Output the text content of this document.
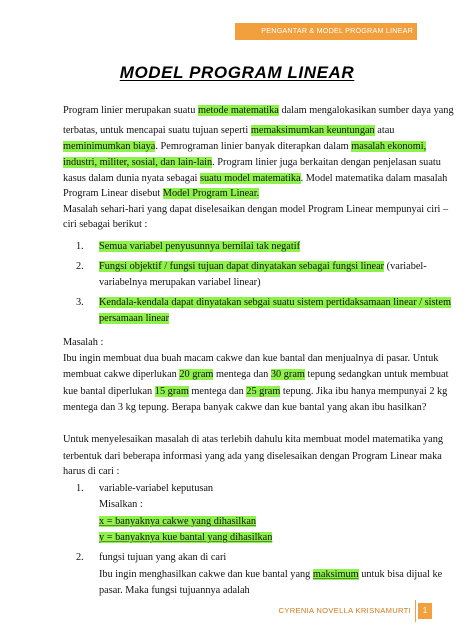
PENGANTAR & MODEL PROGRAM LINEAR
MODEL PROGRAM LINEAR
Program linier merupakan suatu metode matematika dalam mengalokasikan sumber daya yang
terbatas, untuk mencapai suatu tujuan seperti memaksimumkan keuntungan atau
meminimumkan biaya. Pemrograman linier banyak diterapkan dalam masalah ekonomi,
industri, militer, sosial, dan lain-lain. Program linier juga berkaitan dengan penjelasan suatu
kasus dalam dunia nyata sebagai suatu model matematika. Model matematika dalam masalah
Program Linear disebut Model Program Linear.
Masalah sehari-hari yang dapat diselesaikan dengan model Program Linear mempunyai ciri –
ciri sebagai berikut :
1. Semua variabel penyusunnya bernilai tak negatif
2. Fungsi objektif / fungsi tujuan dapat dinyatakan sebagai fungsi linear (variabel-
variabelnya merupakan variabel linear)
3. Kendala-kendala dapat dinyatakan sebgai suatu sistem pertidaksamaan linear / sistem
persamaan linear
Masalah :
Ibu ingin membuat dua buah macam cakwe dan kue bantal dan menjualnya di pasar. Untuk
membuat cakwe diperlukan 20 gram mentega dan 30 gram tepung sedangkan untuk membuat
kue bantal diperlukan 15 gram mentega dan 25 gram tepung. Jika ibu hanya mempunyai 2 kg
mentega dan 3 kg tepung. Berapa banyak cakwe dan kue bantal yang akan ibu hasilkan?
Untuk menyelesaikan masalah di atas terlebih dahulu kita membuat model matematika yang
terbentuk dari beberapa informasi yang ada yang diselesaikan dengan Program Linear maka
harus di cari :
1. variable-variabel keputusan
Misalkan :
x = banyaknya cakwe yang dihasilkan
y = banyaknya kue bantal yang dihasilkan
2. fungsi tujuan yang akan di cari
Ibu ingin menghasilkan cakwe dan kue bantal yang maksimum untuk bisa dijual ke
pasar. Maka fungsi tujuannya adalah
CYRENIA NOVELLA KRISNAMURTI	1
